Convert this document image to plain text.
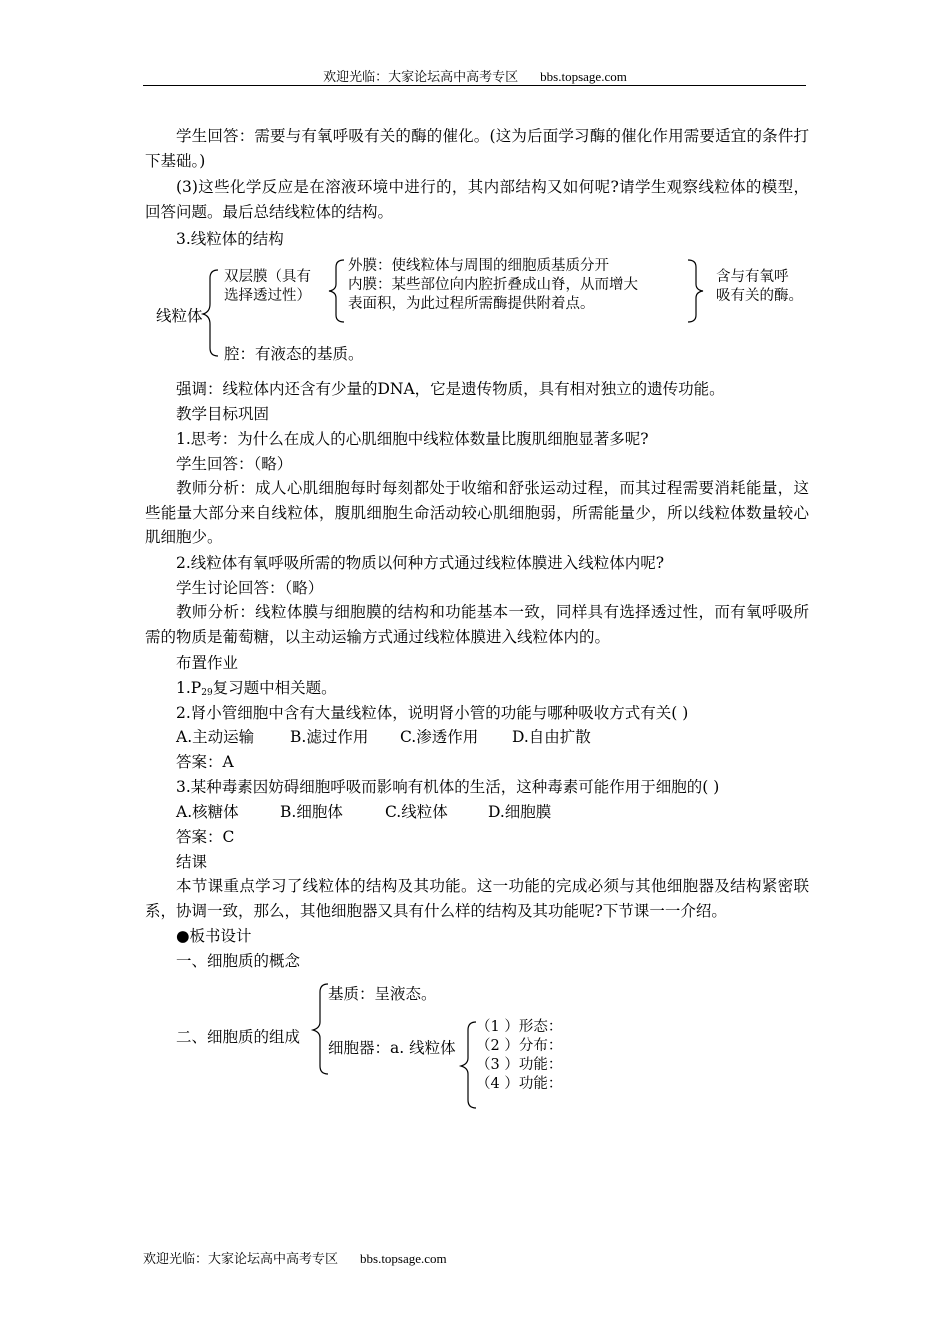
欢迎光临：大家论坛高中高考专区 bbs.topsage.com
学生回答：需要与有氧呼吸有关的酶的催化。(这为后面学习酶的催化作用需要适宜的条件打下基础。)
(3)这些化学反应是在溶液环境中进行的，其内部结构又如何呢?请学生观察线粒体的模型，回答问题。最后总结线粒体的结构。
3.线粒体的结构
线粒体
双层膜（具有
选择透过性）
外膜：使线粒体与周围的细胞质基质分开
内膜：某些部位向内腔折叠成山脊，从而增大
表面积，为此过程所需酶提供附着点。
含与有氧呼
吸有关的酶。
腔：有液态的基质。
强调：线粒体内还含有少量的DNA，它是遗传物质，具有相对独立的遗传功能。
教学目标巩固
1.思考：为什么在成人的心肌细胞中线粒体数量比腹肌细胞显著多呢?
学生回答：（略）
教师分析：成人心肌细胞每时每刻都处于收缩和舒张运动过程，而其过程需要消耗能量，这些能量大部分来自线粒体，腹肌细胞生命活动较心肌细胞弱，所需能量少，所以线粒体数量较心肌细胞少。
2.线粒体有氧呼吸所需的物质以何种方式通过线粒体膜进入线粒体内呢?
学生讨论回答：（略）
教师分析：线粒体膜与细胞膜的结构和功能基本一致，同样具有选择透过性，而有氧呼吸所需的物质是葡萄糖，以主动运输方式通过线粒体膜进入线粒体内的。
布置作业
$1.P_{29}$复习题中相关题。
2.肾小管细胞中含有大量线粒体，说明肾小管的功能与哪种吸收方式有关( )
A.主动运输 B.滤过作用 C.渗透作用 D.自由扩散
答案：A
3.某种毒素因妨碍细胞呼吸而影响有机体的生活，这种毒素可能作用于细胞的( )
A.核糖体	B.细胞体	C.线粒体	D.细胞膜
答案：C
结课
本节课重点学习了线粒体的结构及其功能。这一功能的完成必须与其他细胞器及结构紧密联系，协调一致，那么，其他细胞器又具有什么样的结构及其功能呢?下节课一一介绍。
●板书设计
一、细胞质的概念
二、细胞质的组成
基质：呈液态。
细胞器：a. 线粒体
（1 ）形态：
（2 ）分布：
（3 ）功能：
（4 ）功能：
欢迎光临：大家论坛高中高考专区 bbs.topsage.com
